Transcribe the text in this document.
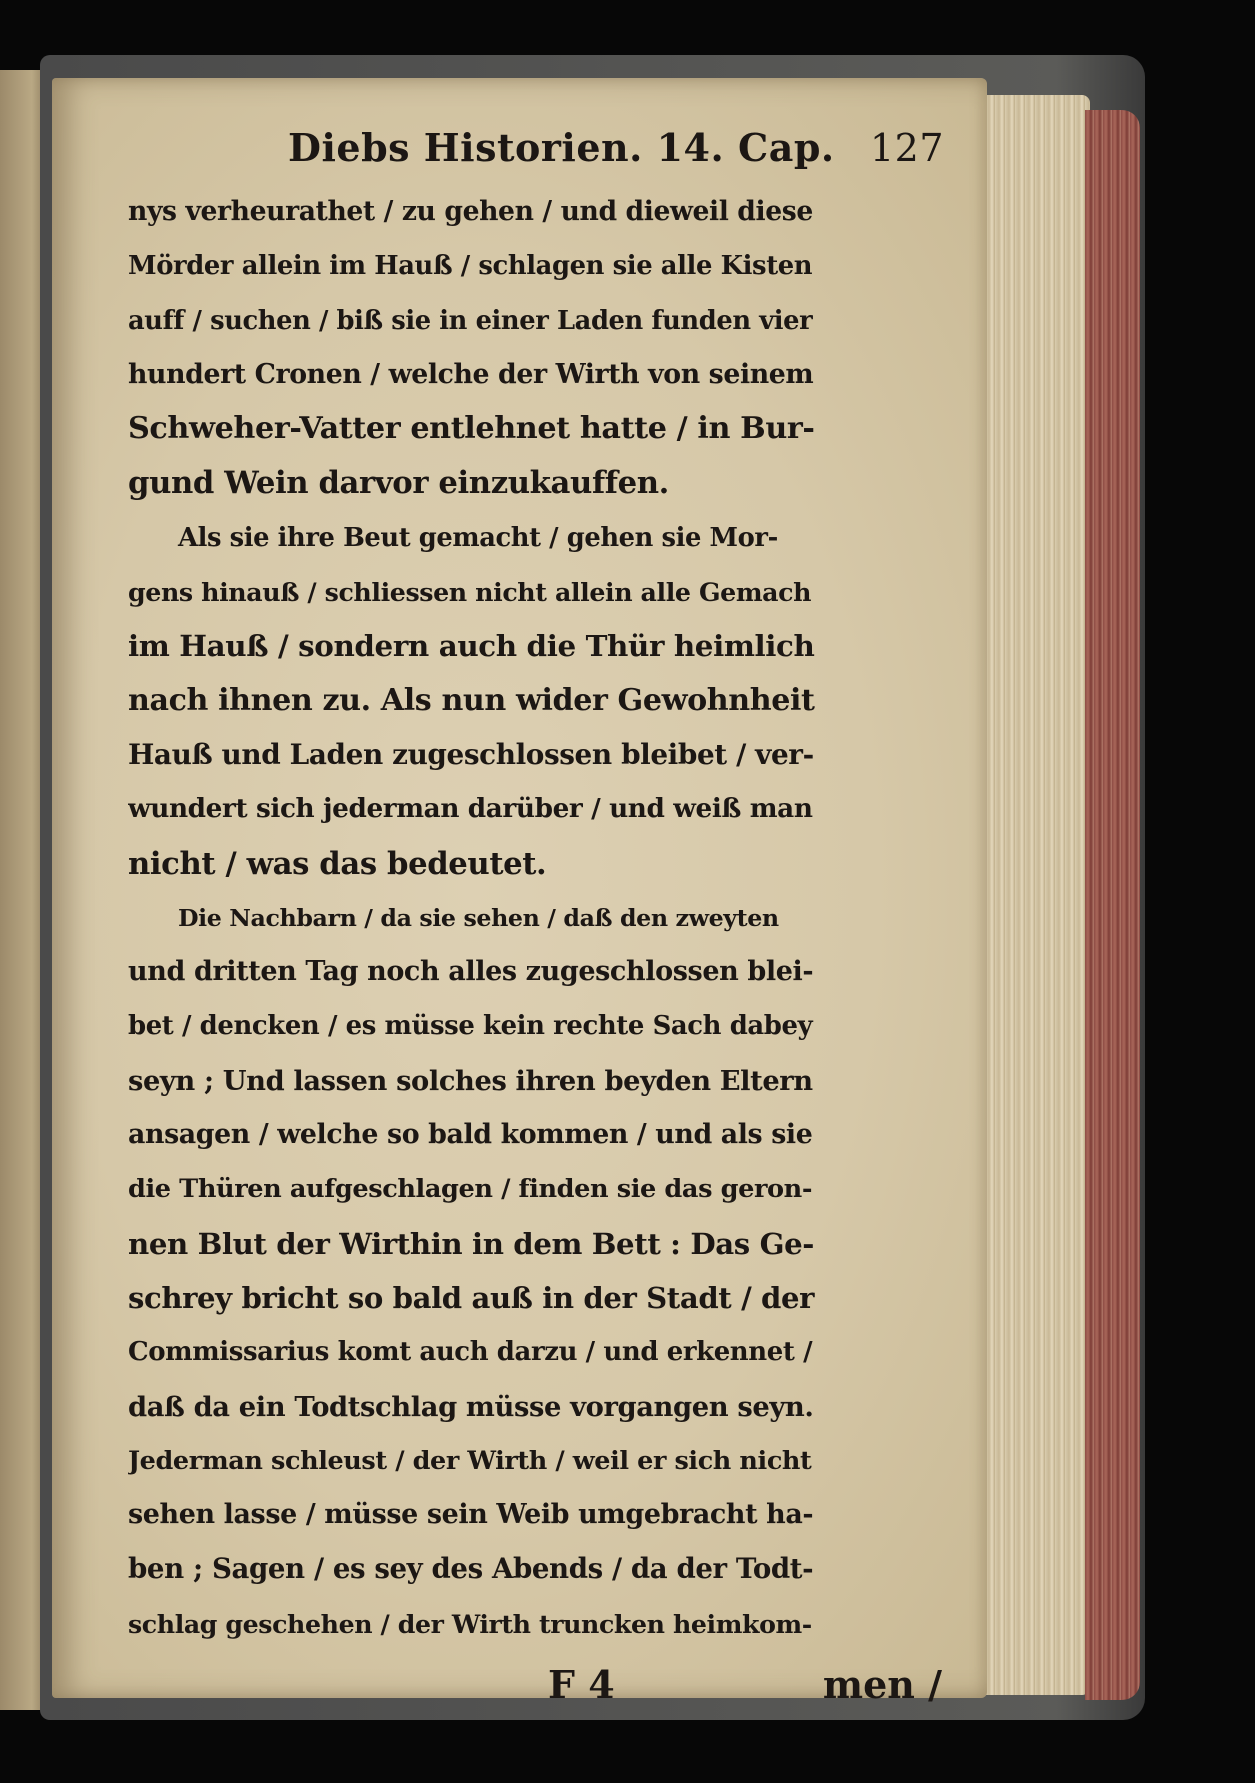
Diebs Historien. 14. Cap. 127
nys verheurathet / zu gehen / und dieweil diese
Mörder allein im Hauß / schlagen sie alle Kisten
auff / suchen / biß sie in einer Laden funden vier
hundert Cronen / welche der Wirth von seinem
Schweher-Vatter entlehnet hatte / in Bur-
gund Wein darvor einzukauffen.
Als sie ihre Beut gemacht / gehen sie Mor-
gens hinauß / schliessen nicht allein alle Gemach
im Hauß / sondern auch die Thür heimlich
nach ihnen zu. Als nun wider Gewohnheit
Hauß und Laden zugeschlossen bleibet / ver-
wundert sich jederman darüber / und weiß man
nicht / was das bedeutet.
Die Nachbarn / da sie sehen / daß den zweyten
und dritten Tag noch alles zugeschlossen blei-
bet / dencken / es müsse kein rechte Sach dabey
seyn ; Und lassen solches ihren beyden Eltern
ansagen / welche so bald kommen / und als sie
die Thüren aufgeschlagen / finden sie das geron-
nen Blut der Wirthin in dem Bett : Das Ge-
schrey bricht so bald auß in der Stadt / der
Commissarius komt auch darzu / und erkennet /
daß da ein Todtschlag müsse vorgangen seyn.
Jederman schleust / der Wirth / weil er sich nicht
sehen lasse / müsse sein Weib umgebracht ha-
ben ; Sagen / es sey des Abends / da der Todt-
schlag geschehen / der Wirth truncken heimkom-
F 4	men /
